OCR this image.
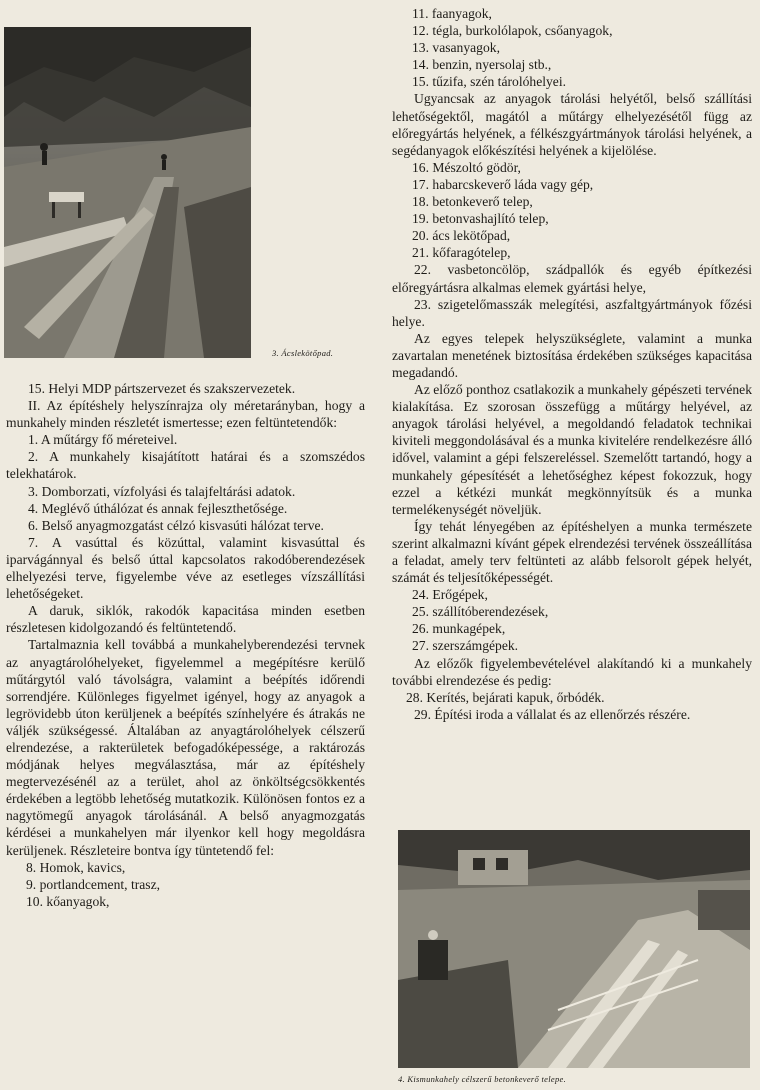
3. Ácslekötőpad.
4. Kismunkahely célszerű betonkeverő telepe.

15. Helyi MDP pártszervezet és szakszervezetek.

II. Az építéshely helyszínrajza oly méretarányban, hogy a munkahely minden részletét ismertesse; ezen feltüntetendők:

1. A műtárgy fő méreteivel.

2. A munkahely kisajátított határai és a szomszédos telekhatárok.

3. Domborzati, vízfolyási és talajfeltárási adatok.

4. Meglévő úthálózat és annak fejleszthetősége.

6. Belső anyagmozgatást célzó kisvasúti hálózat terve.

7. A vasúttal és közúttal, valamint kisvasúttal és iparvágánnyal és belső úttal kapcsolatos rakodóberendezések elhelyezési terve, figyelembe véve az esetleges vízszállítási lehetőségeket.

A daruk, siklók, rakodók kapacitása minden esetben részletesen kidolgozandó és feltüntetendő.

Tartalmaznia kell továbbá a munkahelyberendezési tervnek az anyagtárolóhelyeket, figyelemmel a megépítésre kerülő műtárgytól való távolságra, valamint a beépítés időrendi sorrendjére. Különleges figyelmet igényel, hogy az anyagok a legrövidebb úton kerüljenek a beépítés színhelyére és átrakás ne váljék szükségessé. Általában az anyagtárolóhelyek célszerű elrendezése, a rakterületek befogadóképessége, a raktározás módjának helyes megválasztása, már az építéshely megtervezésénél az a terület, ahol az önköltségcsökkentés érdekében a legtöbb lehetőség mutatkozik. Különösen fontos ez a nagytömegű anyagok tárolásánál. A belső anyagmozgatás kérdései a munkahelyen már ilyenkor kell hogy megoldásra kerüljenek. Részleteire bontva így tüntetendő fel:

8. Homok, kavics,

9. portlandcement, trasz,

10. kőanyagok,

11. faanyagok,

12. tégla, burkolólapok, csőanyagok,

13. vasanyagok,

14. benzin, nyersolaj stb.,

15. tűzifa, szén tárolóhelyei.

Ugyancsak az anyagok tárolási helyétől, belső szállítási lehetőségektől, magától a műtárgy elhelyezésétől függ az előregyártás helyének, a félkészgyártmányok tárolási helyének, a segédanyagok előkészítési helyének a kijelölése.

16. Mészoltó gödör,

17. habarcskeverő láda vagy gép,

18. betonkeverő telep,

19. betonvashajlító telep,

20. ács lekötőpad,

21. kőfaragótelep,

22. vasbetoncölöp, szádpallók és egyéb építkezési előregyártásra alkalmas elemek gyártási helye,

23. szigetelőmasszák melegítési, aszfaltgyártmányok főzési helye.

Az egyes telepek helyszükséglete, valamint a munka zavartalan menetének biztosítása érdekében szükséges kapacitása megadandó.

Az előző ponthoz csatlakozik a munkahely gépészeti tervének kialakítása. Ez szorosan összefügg a műtárgy helyével, az anyagok tárolási helyével, a megoldandó feladatok technikai kiviteli meggondolásával és a munka kivitelére rendelkezésre álló idővel, valamint a gépi felszereléssel. Szemelőtt tartandó, hogy a munkahely gépesítését a lehetőséghez képest fokozzuk, hogy ezzel a kétkézi munkát megkönnyítsük és a munka termelékenységét növeljük.

Így tehát lényegében az építéshelyen a munka természete szerint alkalmazni kívánt gépek elrendezési tervének összeállítása a feladat, amely terv feltünteti az alább felsorolt gépek helyét, számát és teljesítőképességét.

24. Erőgépek,

25. szállítóberendezések,

26. munkagépek,

27. szerszámgépek.

Az előzők figyelembevételével alakítandó ki a munkahely további elrendezése és pedig:

28. Kerítés, bejárati kapuk, őrbódék.

29. Építési iroda a vállalat és az ellenőrzés részére.
